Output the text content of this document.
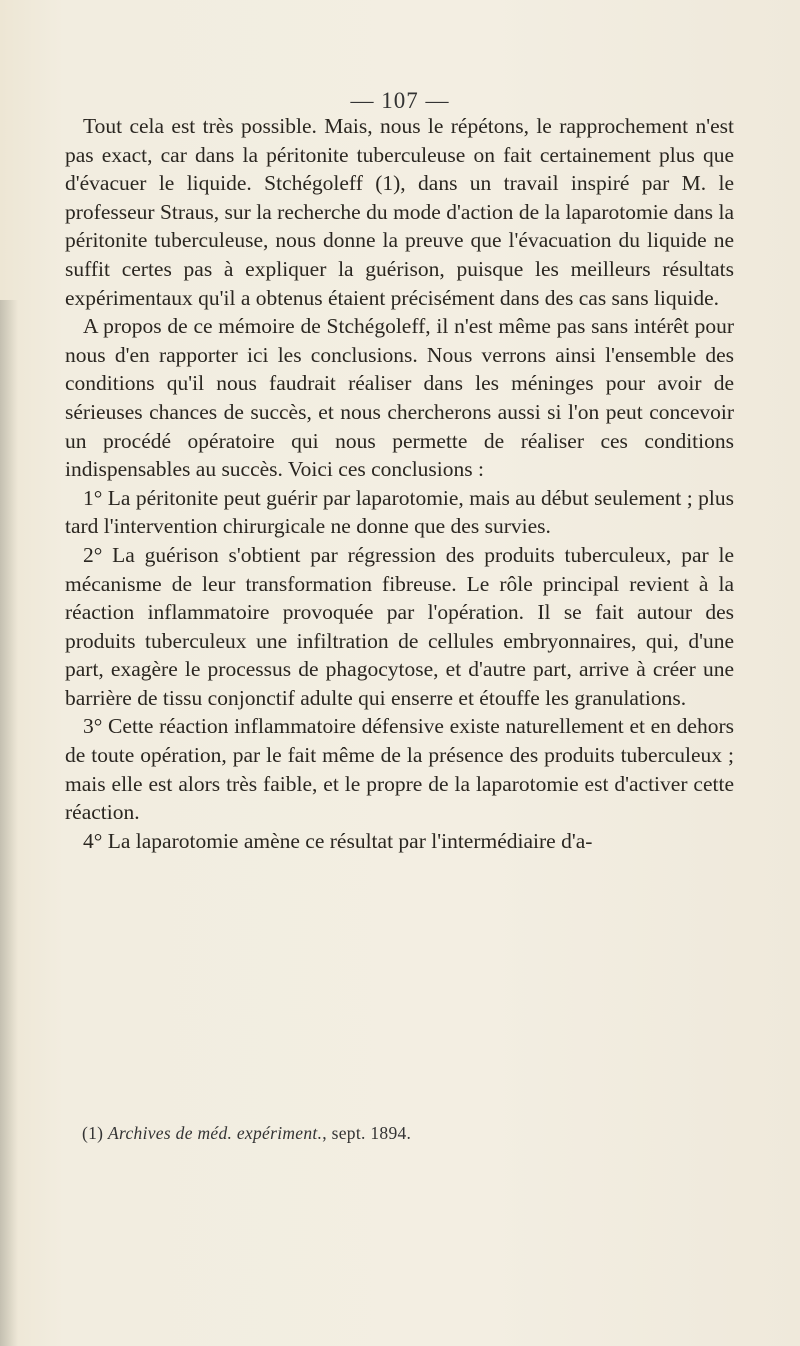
— 107 —

Tout cela est très possible. Mais, nous le répétons, le rapprochement n'est pas exact, car dans la péritonite tuberculeuse on fait certainement plus que d'évacuer le liquide. Stchégoleff (1), dans un travail inspiré par M. le professeur Straus, sur la recherche du mode d'action de la laparotomie dans la péritonite tuberculeuse, nous donne la preuve que l'évacuation du liquide ne suffit certes pas à expliquer la guérison, puisque les meilleurs résultats expérimentaux qu'il a obtenus étaient précisément dans des cas sans liquide.

A propos de ce mémoire de Stchégoleff, il n'est même pas sans intérêt pour nous d'en rapporter ici les conclusions. Nous verrons ainsi l'ensemble des conditions qu'il nous faudrait réaliser dans les méninges pour avoir de sérieuses chances de succès, et nous chercherons aussi si l'on peut concevoir un procédé opératoire qui nous permette de réaliser ces conditions indispensables au succès. Voici ces conclusions :

1° La péritonite peut guérir par laparotomie, mais au début seulement ; plus tard l'intervention chirurgicale ne donne que des survies.

2° La guérison s'obtient par régression des produits tuberculeux, par le mécanisme de leur transformation fibreuse. Le rôle principal revient à la réaction inflammatoire provoquée par l'opération. Il se fait autour des produits tuberculeux une infiltration de cellules embryonnaires, qui, d'une part, exagère le processus de phagocytose, et d'autre part, arrive à créer une barrière de tissu conjonctif adulte qui enserre et étouffe les granulations.

3° Cette réaction inflammatoire défensive existe naturellement et en dehors de toute opération, par le fait même de la présence des produits tuberculeux ; mais elle est alors très faible, et le propre de la laparotomie est d'activer cette réaction.

4° La laparotomie amène ce résultat par l'intermédiaire d'a-

(1) Archives de méd. expériment., sept. 1894.
